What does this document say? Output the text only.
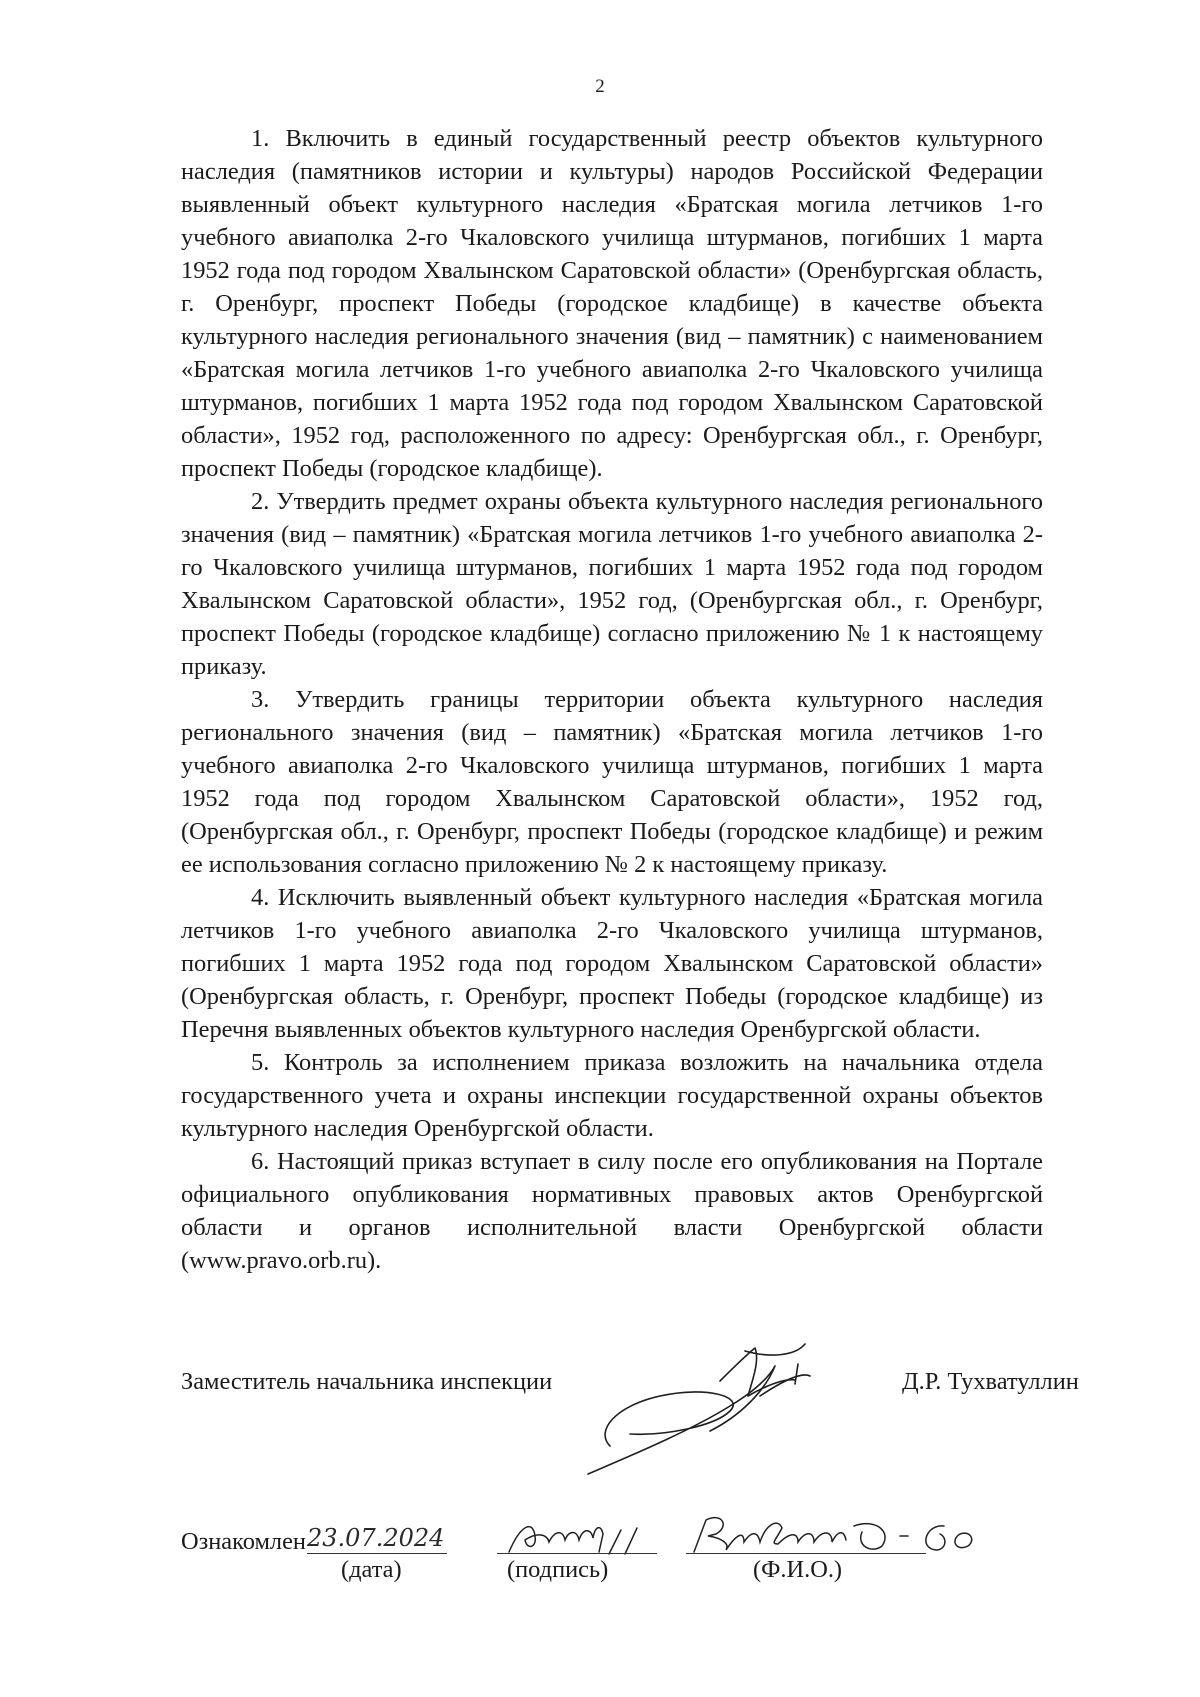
2

1. Включить в единый государственный реестр объектов культурного наследия (памятников истории и культуры) народов Российской Федерации выявленный объект культурного наследия «Братская могила летчиков 1-го учебного авиаполка 2-го Чкаловского училища штурманов, погибших 1 марта 1952 года под городом Хвалынском Саратовской области» (Оренбургская область, г. Оренбург, проспект Победы (городское кладбище) в качестве объекта культурного наследия регионального значения (вид – памятник) с наименованием «Братская могила летчиков 1-го учебного авиаполка 2-го Чкаловского училища штурманов, погибших 1 марта 1952 года под городом Хвалынском Саратовской области», 1952 год, расположенного по адресу: Оренбургская обл., г. Оренбург, проспект Победы (городское кладбище).

2. Утвердить предмет охраны объекта культурного наследия регионального значения (вид – памятник) «Братская могила летчиков 1-го учебного авиаполка 2-го Чкаловского училища штурманов, погибших 1 марта 1952 года под городом Хвалынском Саратовской области», 1952 год, (Оренбургская обл., г. Оренбург, проспект Победы (городское кладбище) согласно приложению № 1 к настоящему приказу.

3. Утвердить границы территории объекта культурного наследия регионального значения (вид – памятник) «Братская могила летчиков 1-го учебного авиаполка 2-го Чкаловского училища штурманов, погибших 1 марта 1952 года под городом Хвалынском Саратовской области», 1952 год, (Оренбургская обл., г. Оренбург, проспект Победы (городское кладбище) и режим ее использования согласно приложению № 2 к настоящему приказу.

4. Исключить выявленный объект культурного наследия «Братская могила летчиков 1-го учебного авиаполка 2-го Чкаловского училища штурманов, погибших 1 марта 1952 года под городом Хвалынском Саратовской области» (Оренбургская область, г. Оренбург, проспект Победы (городское кладбище) из Перечня выявленных объектов культурного наследия Оренбургской области.

5. Контроль за исполнением приказа возложить на начальника отдела государственного учета и охраны инспекции государственной охраны объектов культурного наследия Оренбургской области.

6. Настоящий приказ вступает в силу после его опубликования на Портале официального опубликования нормативных правовых актов Оренбургской области и органов исполнительной власти Оренбургской области (www.pravo.orb.ru).

Заместитель начальника инспекции	Д.Р. Тухватуллин
Ознакомлен 23.07.2024
(дата)	(подпись)	(Ф.И.О.)
